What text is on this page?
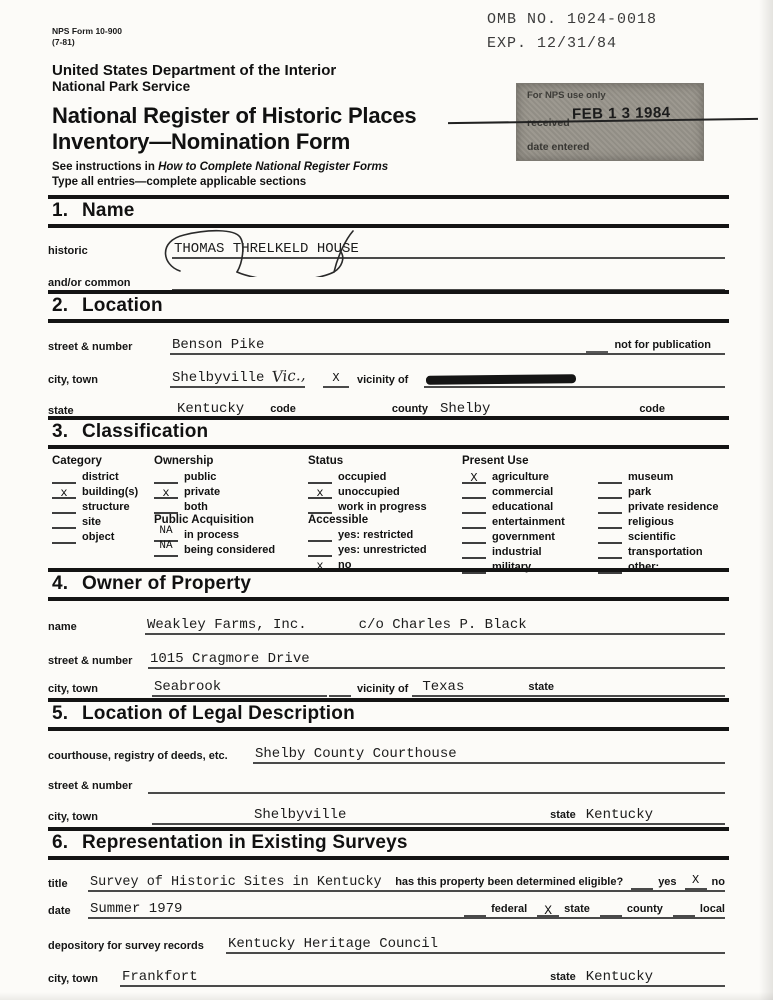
NPS Form 10-900
(7-81)
OMB NO. 1024-0018
EXP. 12/31/84
United States Department of the Interior
National Park Service
National Register of Historic Places
Inventory—Nomination Form
See instructions in How to Complete National Register Forms
Type all entries—complete applicable sections
For NPS use only
received
date entered
FEB 1 3 1984
1. Name
historic	THOMAS THRELKELD HOUSE
and/or common
2. Location
street & number	Benson Pike	not for publication
city, town	Shelbyville Vic., X vicinity of
state	Kentucky code	county Shelby	code
3. Classification
Category
district
x building(s)
structure
site
object
Ownership
public
x private
both
Public Acquisition
NA in process
NA being considered
Status
occupied
x unoccupied
work in progress
Accessible
yes: restricted
yes: unrestricted
x no
Present Use
X agriculture
commercial
educational
entertainment
government
industrial
military
museum
park
private residence
religious
scientific
transportation
other:
4. Owner of Property
name	Weakley Farms, Inc.	c/o Charles P. Black
street & number	1015 Cragmore Drive
city, town	Seabrook	vicinity of Texas	state
5. Location of Legal Description
courthouse, registry of deeds, etc.	Shelby County Courthouse
street & number
city, town	Shelbyville	state Kentucky
6. Representation in Existing Surveys
title	Survey of Historic Sites in Kentucky has this property been determined eligible?	yes X no
date	Summer 1979	federal X state	county	local
depository for survey records	Kentucky Heritage Council
city, town	Frankfort	state Kentucky
